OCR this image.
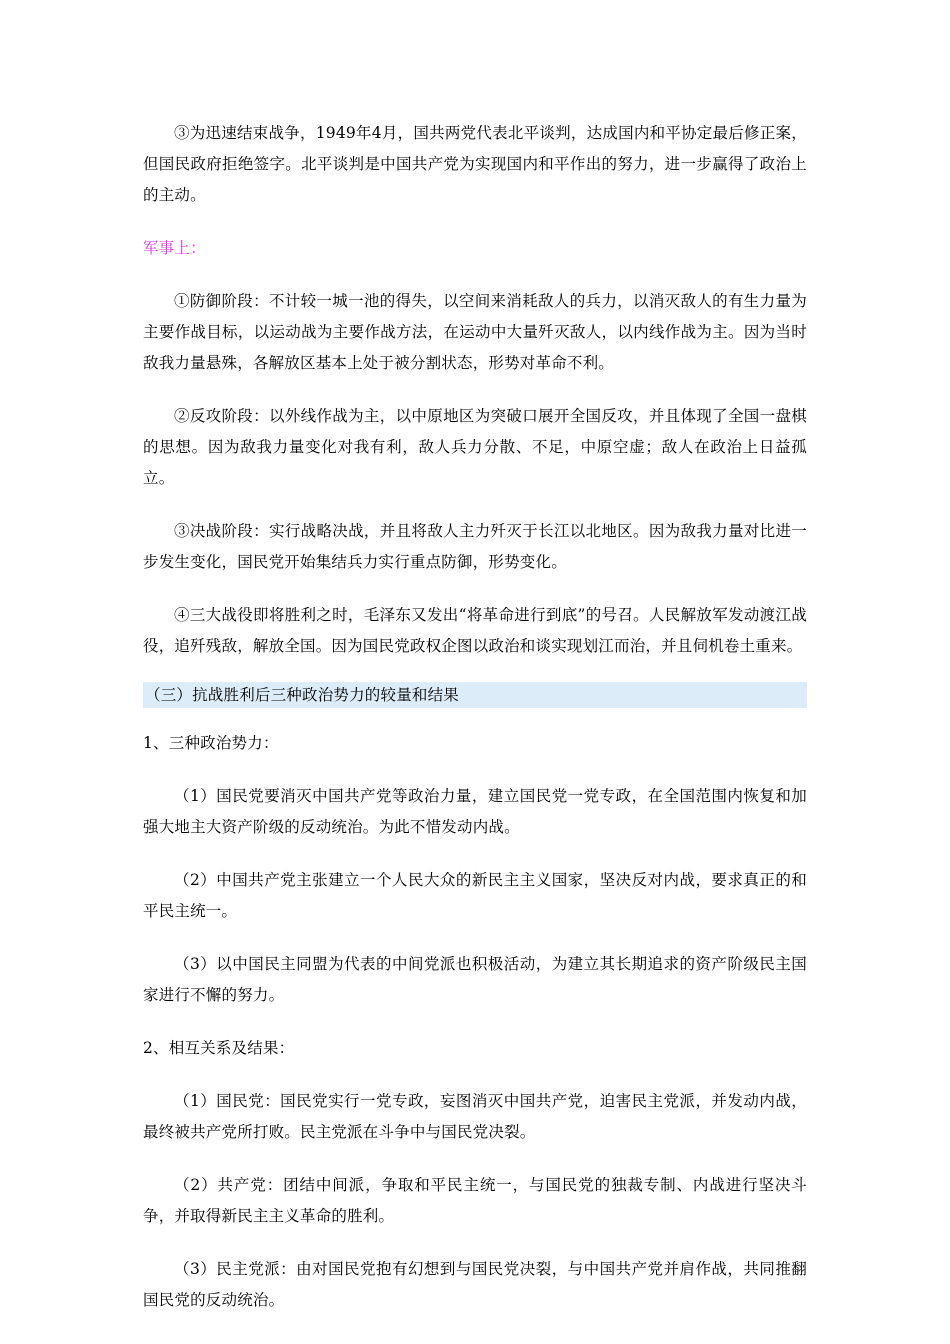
③为迅速结束战争，1949年4月，国共两党代表北平谈判，达成国内和平协定最后修正案，但国民政府拒绝签字。北平谈判是中国共产党为实现国内和平作出的努力，进一步赢得了政治上的主动。

军事上：

①防御阶段：不计较一城一池的得失，以空间来消耗敌人的兵力，以消灭敌人的有生力量为主要作战目标，以运动战为主要作战方法，在运动中大量歼灭敌人，以内线作战为主。因为当时敌我力量悬殊，各解放区基本上处于被分割状态，形势对革命不利。

②反攻阶段：以外线作战为主，以中原地区为突破口展开全国反攻，并且体现了全国一盘棋的思想。因为敌我力量变化对我有利，敌人兵力分散、不足，中原空虚；敌人在政治上日益孤立。

③决战阶段：实行战略决战，并且将敌人主力歼灭于长江以北地区。因为敌我力量对比进一步发生变化，国民党开始集结兵力实行重点防御，形势变化。

④三大战役即将胜利之时，毛泽东又发出“将革命进行到底”的号召。人民解放军发动渡江战役，追歼残敌，解放全国。因为国民党政权企图以政治和谈实现划江而治，并且伺机卷土重来。

（三）抗战胜利后三种政治势力的较量和结果

1、三种政治势力：

（1）国民党要消灭中国共产党等政治力量，建立国民党一党专政，在全国范围内恢复和加强大地主大资产阶级的反动统治。为此不惜发动内战。

（2）中国共产党主张建立一个人民大众的新民主主义国家，坚决反对内战，要求真正的和平民主统一。

（3）以中国民主同盟为代表的中间党派也积极活动，为建立其长期追求的资产阶级民主国家进行不懈的努力。

2、相互关系及结果：

（1）国民党：国民党实行一党专政，妄图消灭中国共产党，迫害民主党派，并发动内战，最终被共产党所打败。民主党派在斗争中与国民党决裂。

（2）共产党：团结中间派，争取和平民主统一，与国民党的独裁专制、内战进行坚决斗争，并取得新民主主义革命的胜利。

（3）民主党派：由对国民党抱有幻想到与国民党决裂，与中国共产党并肩作战，共同推翻国民党的反动统治。
